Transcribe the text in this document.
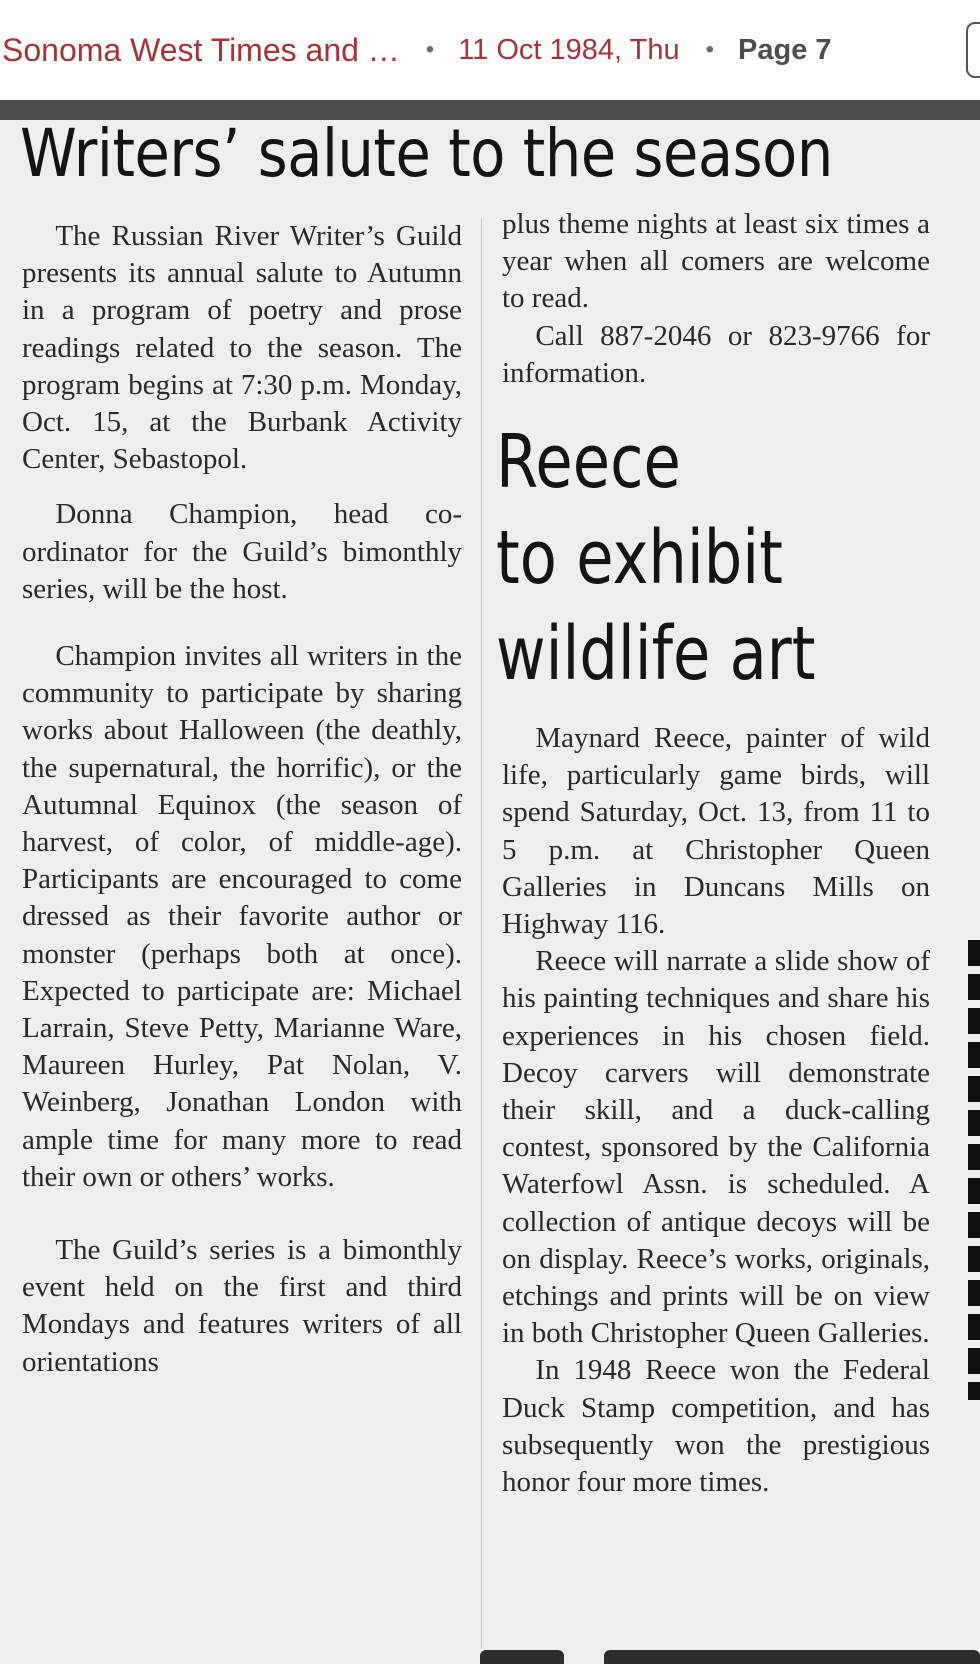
Sonoma West Times and … • 11 Oct 1984, Thu • Page 7
Writers’ salute to the season

The Russian River Writer’s Guild presents its annual salute to Autumn in a program of poetry and prose readings related to the season. The program begins at 7:30 p.m. Monday, Oct. 15, at the Burbank Activity Center, Sebastopol.

Donna Champion, head coordinator for the Guild’s bimonthly series, will be the host.

Champion invites all writers in the community to participate by sharing works about Halloween (the deathly, the supernatural, the horrific), or the Autumnal Equinox (the season of harvest, of color, of middle-age). Participants are encouraged to come dressed as their favorite author or monster (perhaps both at once). Expected to participate are: Michael Larrain, Steve Petty, Marianne Ware, Maureen Hurley, Pat Nolan, V. Weinberg, Jonathan London with ample time for many more to read their own or others’ works.

The Guild’s series is a bimonthly event held on the first and third Mondays and features writers of all orientations

plus theme nights at least six times a year when all comers are welcome to read.

Call 887-2046 or 823-9766 for information.

Reece
to exhibit
wildlife art

Maynard Reece, painter of wild life, particularly game birds, will spend Saturday, Oct. 13, from 11 to 5 p.m. at Christopher Queen Galleries in Duncans Mills on Highway 116.

Reece will narrate a slide show of his painting techniques and share his experiences in his chosen field. Decoy carvers will demonstrate their skill, and a duck-calling contest, sponsored by the California Waterfowl Assn. is scheduled. A collection of antique decoys will be on display. Reece’s works, originals, etchings and prints will be on view in both Christopher Queen Galleries.

In 1948 Reece won the Federal Duck Stamp competition, and has subsequently won the prestigious honor four more times.
